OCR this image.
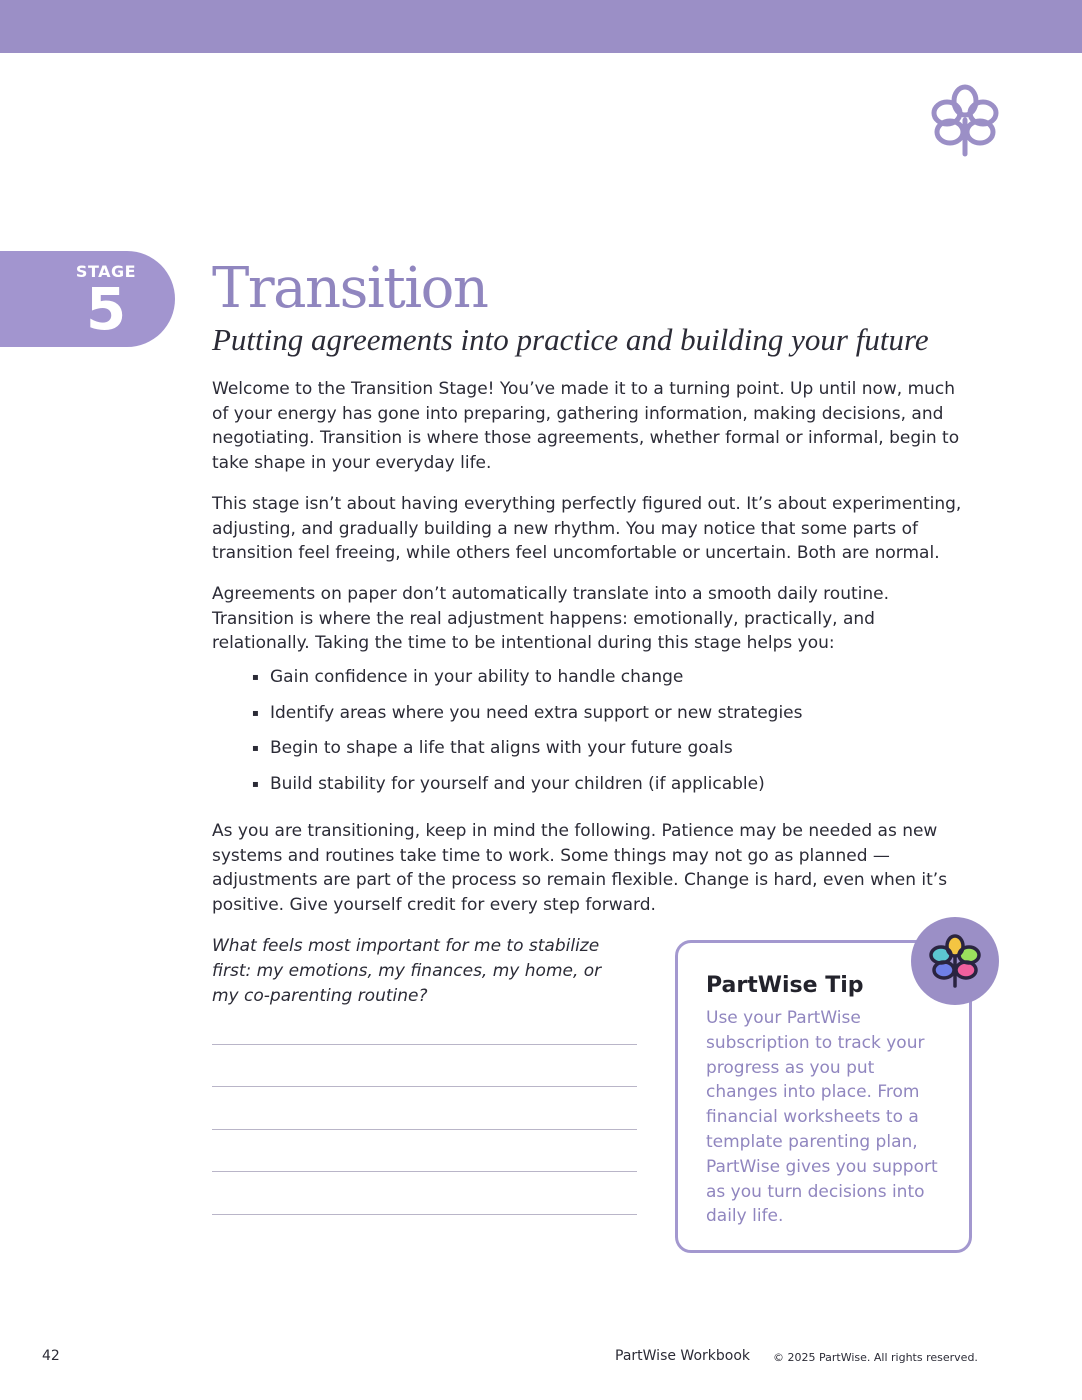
STAGE
5	Transition
Putting agreements into practice and building your future

Welcome to the Transition Stage! You’ve made it to a turning point. Up until now, much of your energy has gone into preparing, gathering information, making decisions, and negotiating. Transition is where those agreements, whether formal or informal, begin to take shape in your everyday life.

This stage isn’t about having everything perfectly figured out. It’s about experimenting, adjusting, and gradually building a new rhythm. You may notice that some parts of transition feel freeing, while others feel uncomfortable or uncertain. Both are normal.

Agreements on paper don’t automatically translate into a smooth daily routine. Transition is where the real adjustment happens: emotionally, practically, and relationally. Taking the time to be intentional during this stage helps you:

▪ Gain confidence in your ability to handle change
▪ Identify areas where you need extra support or new strategies
▪ Begin to shape a life that aligns with your future goals
▪ Build stability for yourself and your children (if applicable)

As you are transitioning, keep in mind the following. Patience may be needed as new systems and routines take time to work. Some things may not go as planned — adjustments are part of the process so remain flexible. Change is hard, even when it’s positive. Give yourself credit for every step forward.

What feels most important for me to stabilize first: my emotions, my finances, my home, or my co-parenting routine?	PartWise Tip

Use your PartWise subscription to track your progress as you put changes into place. From financial worksheets to a template parenting plan, PartWise gives you support as you turn decisions into daily life.

42	PartWise Workbook © 2025 PartWise. All rights reserved.
